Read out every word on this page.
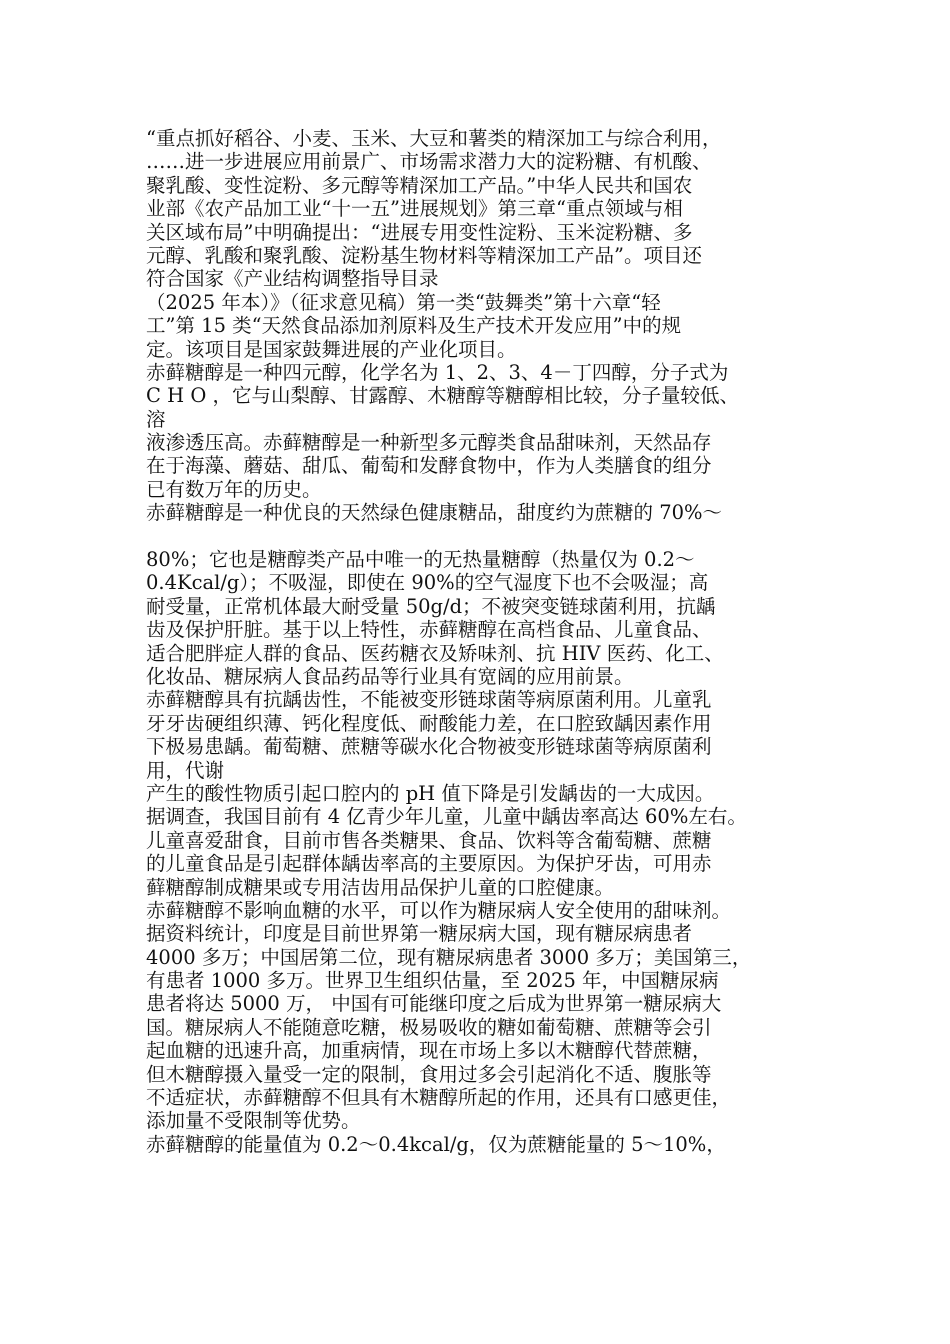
“重点抓好稻谷、小麦、玉米、大豆和薯类的精深加工与综合利用，
……进一步进展应用前景广、市场需求潜力大的淀粉糖、有机酸、
聚乳酸、变性淀粉、多元醇等精深加工产品。”中华人民共和国农
业部《农产品加工业“十一五”进展规划》第三章“重点领域与相
关区域布局”中明确提出：“进展专用变性淀粉、玉米淀粉糖、多
元醇、乳酸和聚乳酸、淀粉基生物材料等精深加工产品”。项目还
符合国家《产业结构调整指导目录
（2025 年本）》（征求意见稿）第一类“鼓舞类”第十六章“轻
工”第 15 类“天然食品添加剂原料及生产技术开发应用”中的规
定。该项目是国家鼓舞进展的产业化项目。
赤藓糖醇是一种四元醇，化学名为 1、2、3、4－丁四醇，分子式为
C H O ，它与山梨醇、甘露醇、木糖醇等糖醇相比较，分子量较低、
溶
液渗透压高。赤藓糖醇是一种新型多元醇类食品甜味剂，天然品存
在于海藻、蘑菇、甜瓜、葡萄和发酵食物中，作为人类膳食的组分
已有数万年的历史。
赤藓糖醇是一种优良的天然绿色健康糖品，甜度约为蔗糖的 70%～
80%；它也是糖醇类产品中唯一的无热量糖醇（热量仅为 0.2～
0.4Kcal/g）；不吸湿，即使在 90%的空气湿度下也不会吸湿；高
耐受量，正常机体最大耐受量 50g/d；不被突变链球菌利用，抗龋
齿及保护肝脏。基于以上特性，赤藓糖醇在高档食品、儿童食品、
适合肥胖症人群的食品、医药糖衣及矫味剂、抗 HIV 医药、化工、
化妆品、糖尿病人食品药品等行业具有宽阔的应用前景。
赤藓糖醇具有抗龋齿性，不能被变形链球菌等病原菌利用。儿童乳
牙牙齿硬组织薄、钙化程度低、耐酸能力差，在口腔致龋因素作用
下极易患龋。葡萄糖、蔗糖等碳水化合物被变形链球菌等病原菌利
用，代谢
产生的酸性物质引起口腔内的 pH 值下降是引发龋齿的一大成因。
据调查，我国目前有 4 亿青少年儿童，儿童中龋齿率高达 60%左右。
儿童喜爱甜食，目前市售各类糖果、食品、饮料等含葡萄糖、蔗糖
的儿童食品是引起群体龋齿率高的主要原因。为保护牙齿，可用赤
藓糖醇制成糖果或专用洁齿用品保护儿童的口腔健康。
赤藓糖醇不影响血糖的水平，可以作为糖尿病人安全使用的甜味剂。
据资料统计，印度是目前世界第一糖尿病大国，现有糖尿病患者
4000 多万；中国居第二位，现有糖尿病患者 3000 多万；美国第三，
有患者 1000 多万。世界卫生组织估量，至 2025 年，中国糖尿病
患者将达 5000 万， 中国有可能继印度之后成为世界第一糖尿病大
国。糖尿病人不能随意吃糖，极易吸收的糖如葡萄糖、蔗糖等会引
起血糖的迅速升高，加重病情，现在市场上多以木糖醇代替蔗糖，
但木糖醇摄入量受一定的限制，食用过多会引起消化不适、腹胀等
不适症状，赤藓糖醇不但具有木糖醇所起的作用，还具有口感更佳，
添加量不受限制等优势。
赤藓糖醇的能量值为 0.2～0.4kcal/g，仅为蔗糖能量的 5～10%，
